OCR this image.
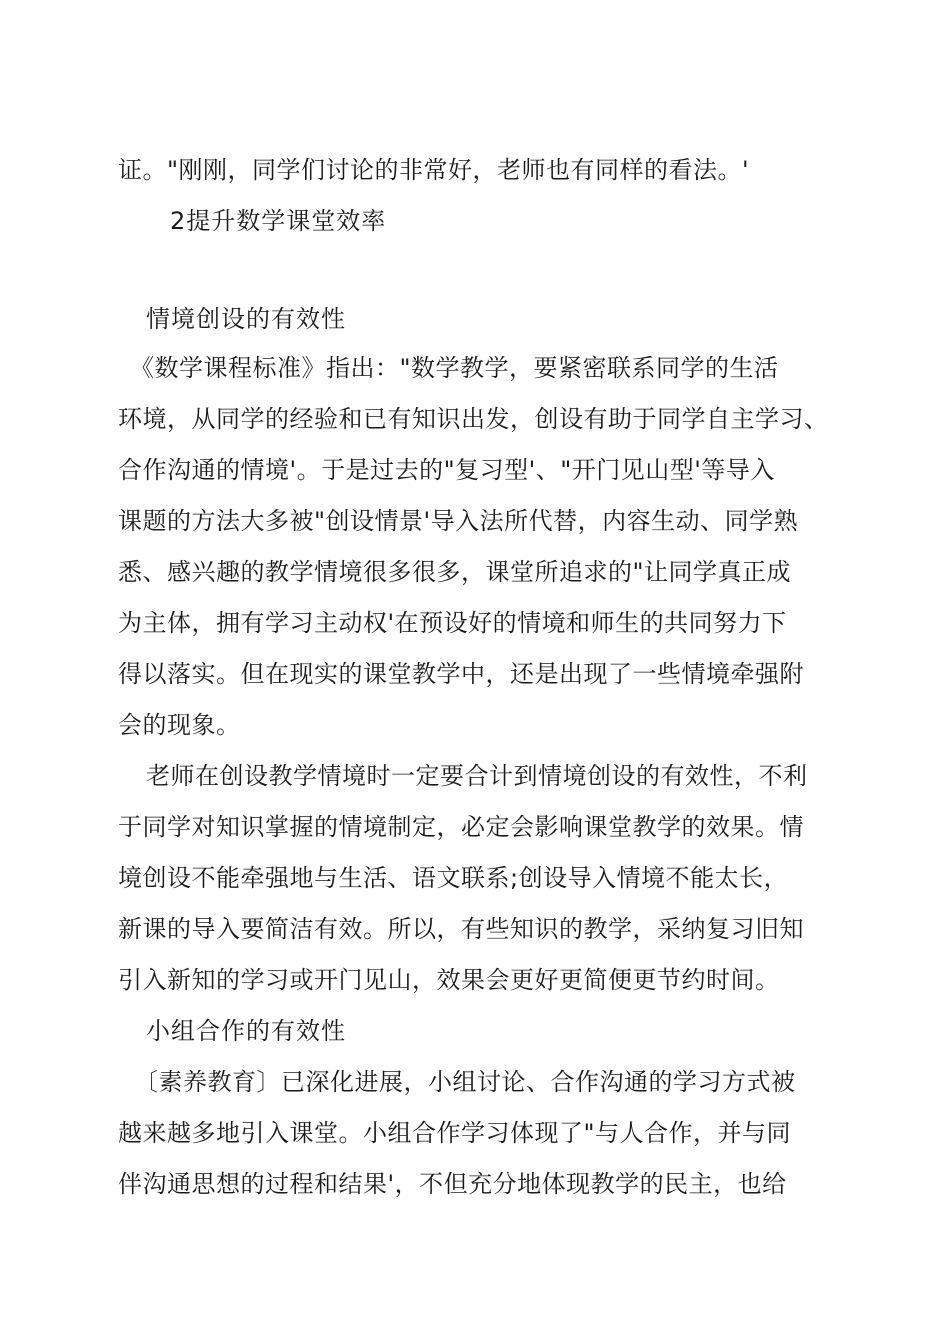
证。"刚刚，同学们讨论的非常好，老师也有同样的看法。'
2提升数学课堂效率
情境创设的有效性
《数学课程标准》指出："数学教学，要紧密联系同学的生活
环境，从同学的经验和已有知识出发，创设有助于同学自主学习、
合作沟通的情境'。于是过去的"复习型'、"开门见山型'等导入
课题的方法大多被"创设情景'导入法所代替，内容生动、同学熟
悉、感兴趣的教学情境很多很多，课堂所追求的"让同学真正成
为主体，拥有学习主动权'在预设好的情境和师生的共同努力下
得以落实。但在现实的课堂教学中，还是出现了一些情境牵强附
会的现象。
老师在创设教学情境时一定要合计到情境创设的有效性，不利
于同学对知识掌握的情境制定，必定会影响课堂教学的效果。情
境创设不能牵强地与生活、语文联系;创设导入情境不能太长，
新课的导入要简洁有效。所以，有些知识的教学，采纳复习旧知
引入新知的学习或开门见山，效果会更好更简便更节约时间。
小组合作的有效性
〔素养教育〕已深化进展，小组讨论、合作沟通的学习方式被
越来越多地引入课堂。小组合作学习体现了"与人合作，并与同
伴沟通思想的过程和结果'，不但充分地体现教学的民主，也给
